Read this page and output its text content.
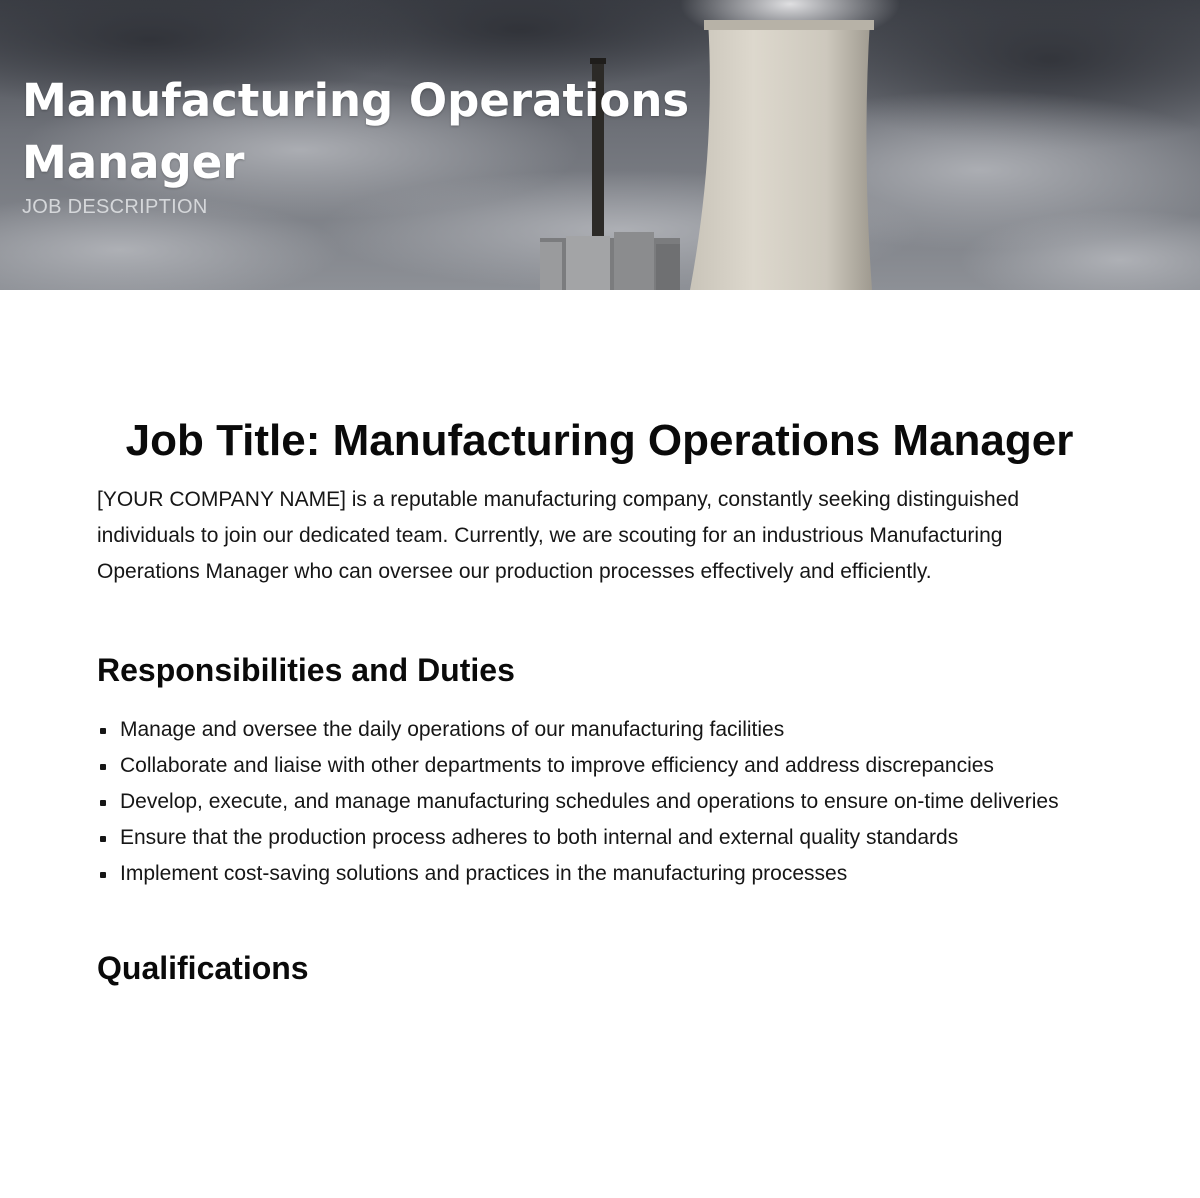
Manufacturing Operations Manager

JOB DESCRIPTION

Job Title: Manufacturing Operations Manager

[YOUR COMPANY NAME] is a reputable manufacturing company, constantly seeking distinguished individuals to join our dedicated team. Currently, we are scouting for an industrious Manufacturing Operations Manager who can oversee our production processes effectively and efficiently.

Responsibilities and Duties
Manage and oversee the daily operations of our manufacturing facilities
Collaborate and liaise with other departments to improve efficiency and address discrepancies
Develop, execute, and manage manufacturing schedules and operations to ensure on-time deliveries
Ensure that the production process adheres to both internal and external quality standards
Implement cost-saving solutions and practices in the manufacturing processes
Qualifications
